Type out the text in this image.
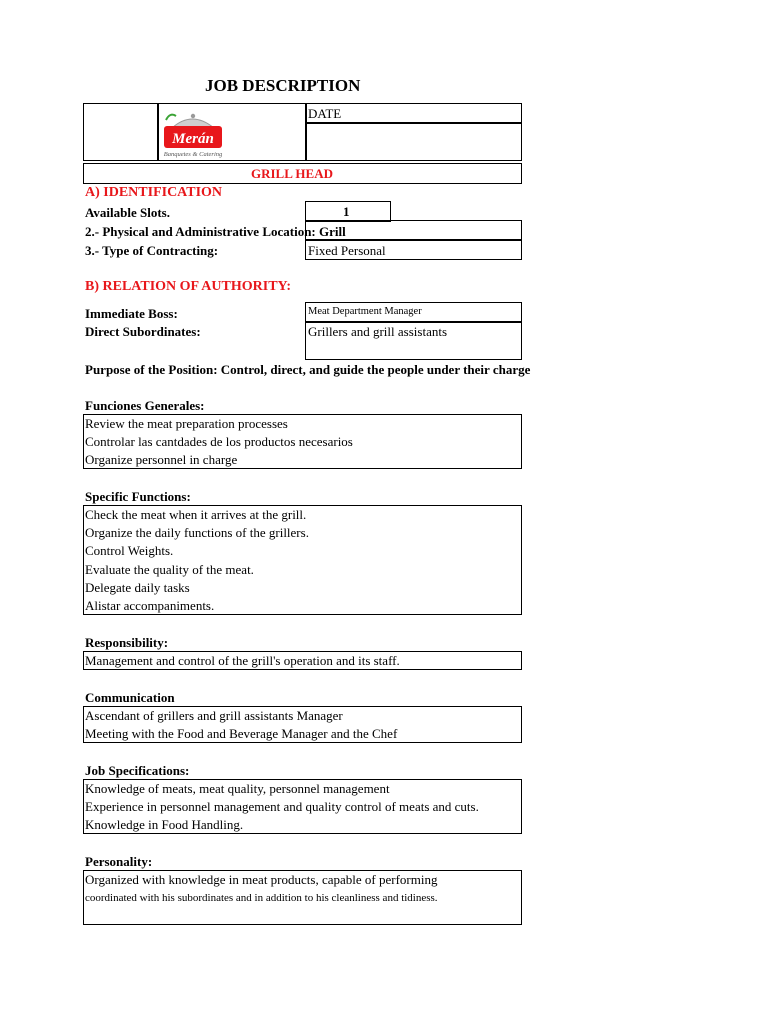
JOB DESCRIPTION
DATE
Merán
Banquetes & Catering
GRILL HEAD
A) IDENTIFICATION
Available Slots.	1
2.- Physical and Administrative Location: Grill
3.- Type of Contracting:	Fixed Personal
B) RELATION OF AUTHORITY:
Immediate Boss:	Meat Department Manager
Direct Subordinates:	Grillers and grill assistants
Purpose of the Position: Control, direct, and guide the people under their charge
Funciones Generales:
Review the meat preparation processes
Controlar las cantdades de los productos necesarios
Organize personnel in charge
Specific Functions:
Check the meat when it arrives at the grill.
Organize the daily functions of the grillers.
Control Weights.
Evaluate the quality of the meat.
Delegate daily tasks
Alistar accompaniments.
Responsibility:
Management and control of the grill's operation and its staff.
Communication
Ascendant of grillers and grill assistants Manager
Meeting with the Food and Beverage Manager and the Chef
Job Specifications:
Knowledge of meats, meat quality, personnel management
Experience in personnel management and quality control of meats and cuts.
Knowledge in Food Handling.
Personality:
Organized with knowledge in meat products, capable of performing
coordinated with his subordinates and in addition to his cleanliness and tidiness.
